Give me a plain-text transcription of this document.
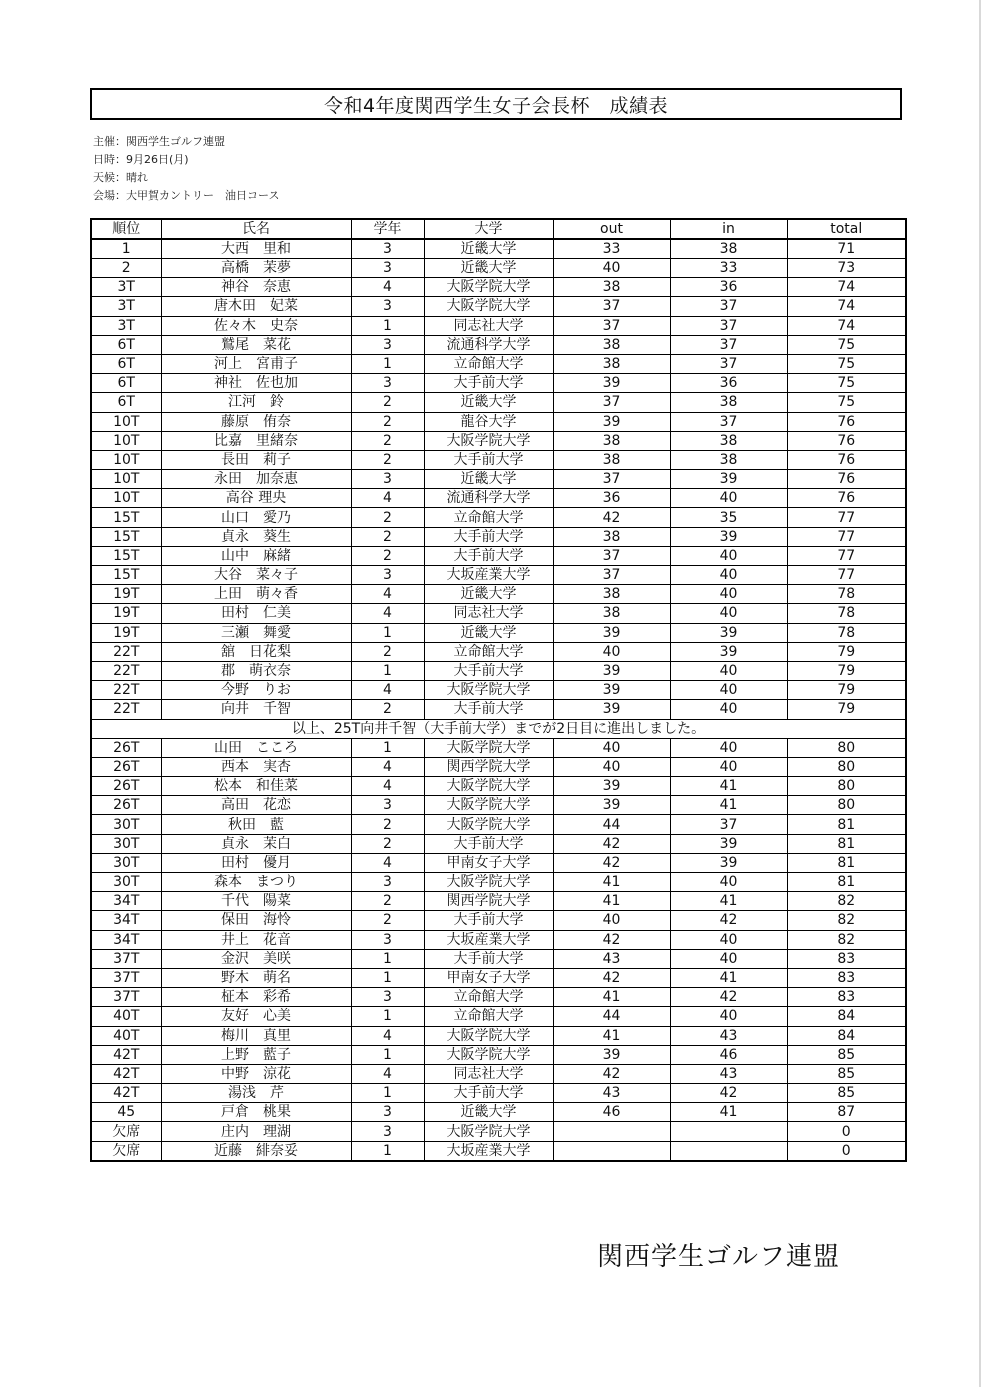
令和4年度関西学生女子会長杯　成績表
主催：関西学生ゴルフ連盟
日時：9月26日(月)
天候：晴れ
会場：大甲賀カントリー　油日コース
順位	氏名	学年	大学	out	in	total
1	大西　里和	3	近畿大学	33	38	71
2	高橋　茉夢	3	近畿大学	40	33	73
3T	神谷　奈恵	4	大阪学院大学	38	36	74
3T	唐木田　妃菜	3	大阪学院大学	37	37	74
3T	佐々木　史奈	1	同志社大学	37	37	74
6T	鷲尾　菜花	3	流通科学大学	38	37	75
6T	河上　宮甫子	1	立命館大学	38	37	75
6T	神社　佐也加	3	大手前大学	39	36	75
6T	江河　鈴	2	近畿大学	37	38	75
10T	藤原　侑奈	2	龍谷大学	39	37	76
10T	比嘉　里緒奈	2	大阪学院大学	38	38	76
10T	長田　莉子	2	大手前大学	38	38	76
10T	永田　加奈恵	3	近畿大学	37	39	76
10T	高谷 理央	4	流通科学大学	36	40	76
15T	山口　愛乃	2	立命館大学	42	35	77
15T	貞永　葵生	2	大手前大学	38	39	77
15T	山中　麻緒	2	大手前大学	37	40	77
15T	大谷　菜々子	3	大坂産業大学	37	40	77
19T	上田　萌々香	4	近畿大学	38	40	78
19T	田村　仁美	4	同志社大学	38	40	78
19T	三瀬　舞愛	1	近畿大学	39	39	78
22T	舘　日花梨	2	立命館大学	40	39	79
22T	郡　萌衣奈	1	大手前大学	39	40	79
22T	今野　りお	4	大阪学院大学	39	40	79
22T	向井　千智	2	大手前大学	39	40	79
以上、25T向井千智（大手前大学）までが2日目に進出しました。						
26T	山田　こころ	1	大阪学院大学	40	40	80
26T	西本　実杏	4	関西学院大学	40	40	80
26T	松本　和佳菜	4	大阪学院大学	39	41	80
26T	高田　花恋	3	大阪学院大学	39	41	80
30T	秋田　藍	2	大阪学院大学	44	37	81
30T	貞永　茉白	2	大手前大学	42	39	81
30T	田村　優月	4	甲南女子大学	42	39	81
30T	森本　まつり	3	大阪学院大学	41	40	81
34T	千代　陽菜	2	関西学院大学	41	41	82
34T	保田　海怜	2	大手前大学	40	42	82
34T	井上　花音	3	大坂産業大学	42	40	82
37T	金沢　美咲	1	大手前大学	43	40	83
37T	野木　萌名	1	甲南女子大学	42	41	83
37T	柾本　彩希	3	立命館大学	41	42	83
40T	友好　心美	1	立命館大学	44	40	84
40T	梅川　真里	4	大阪学院大学	41	43	84
42T	上野　藍子	1	大阪学院大学	39	46	85
42T	中野　涼花	4	同志社大学	42	43	85
42T	湯浅　芹	1	大手前大学	43	42	85
45	戸倉　桃果	3	近畿大学	46	41	87
欠席	庄内　理湖	3	大阪学院大学			0
欠席	近藤　緋奈妥	1	大坂産業大学			0
関西学生ゴルフ連盟
